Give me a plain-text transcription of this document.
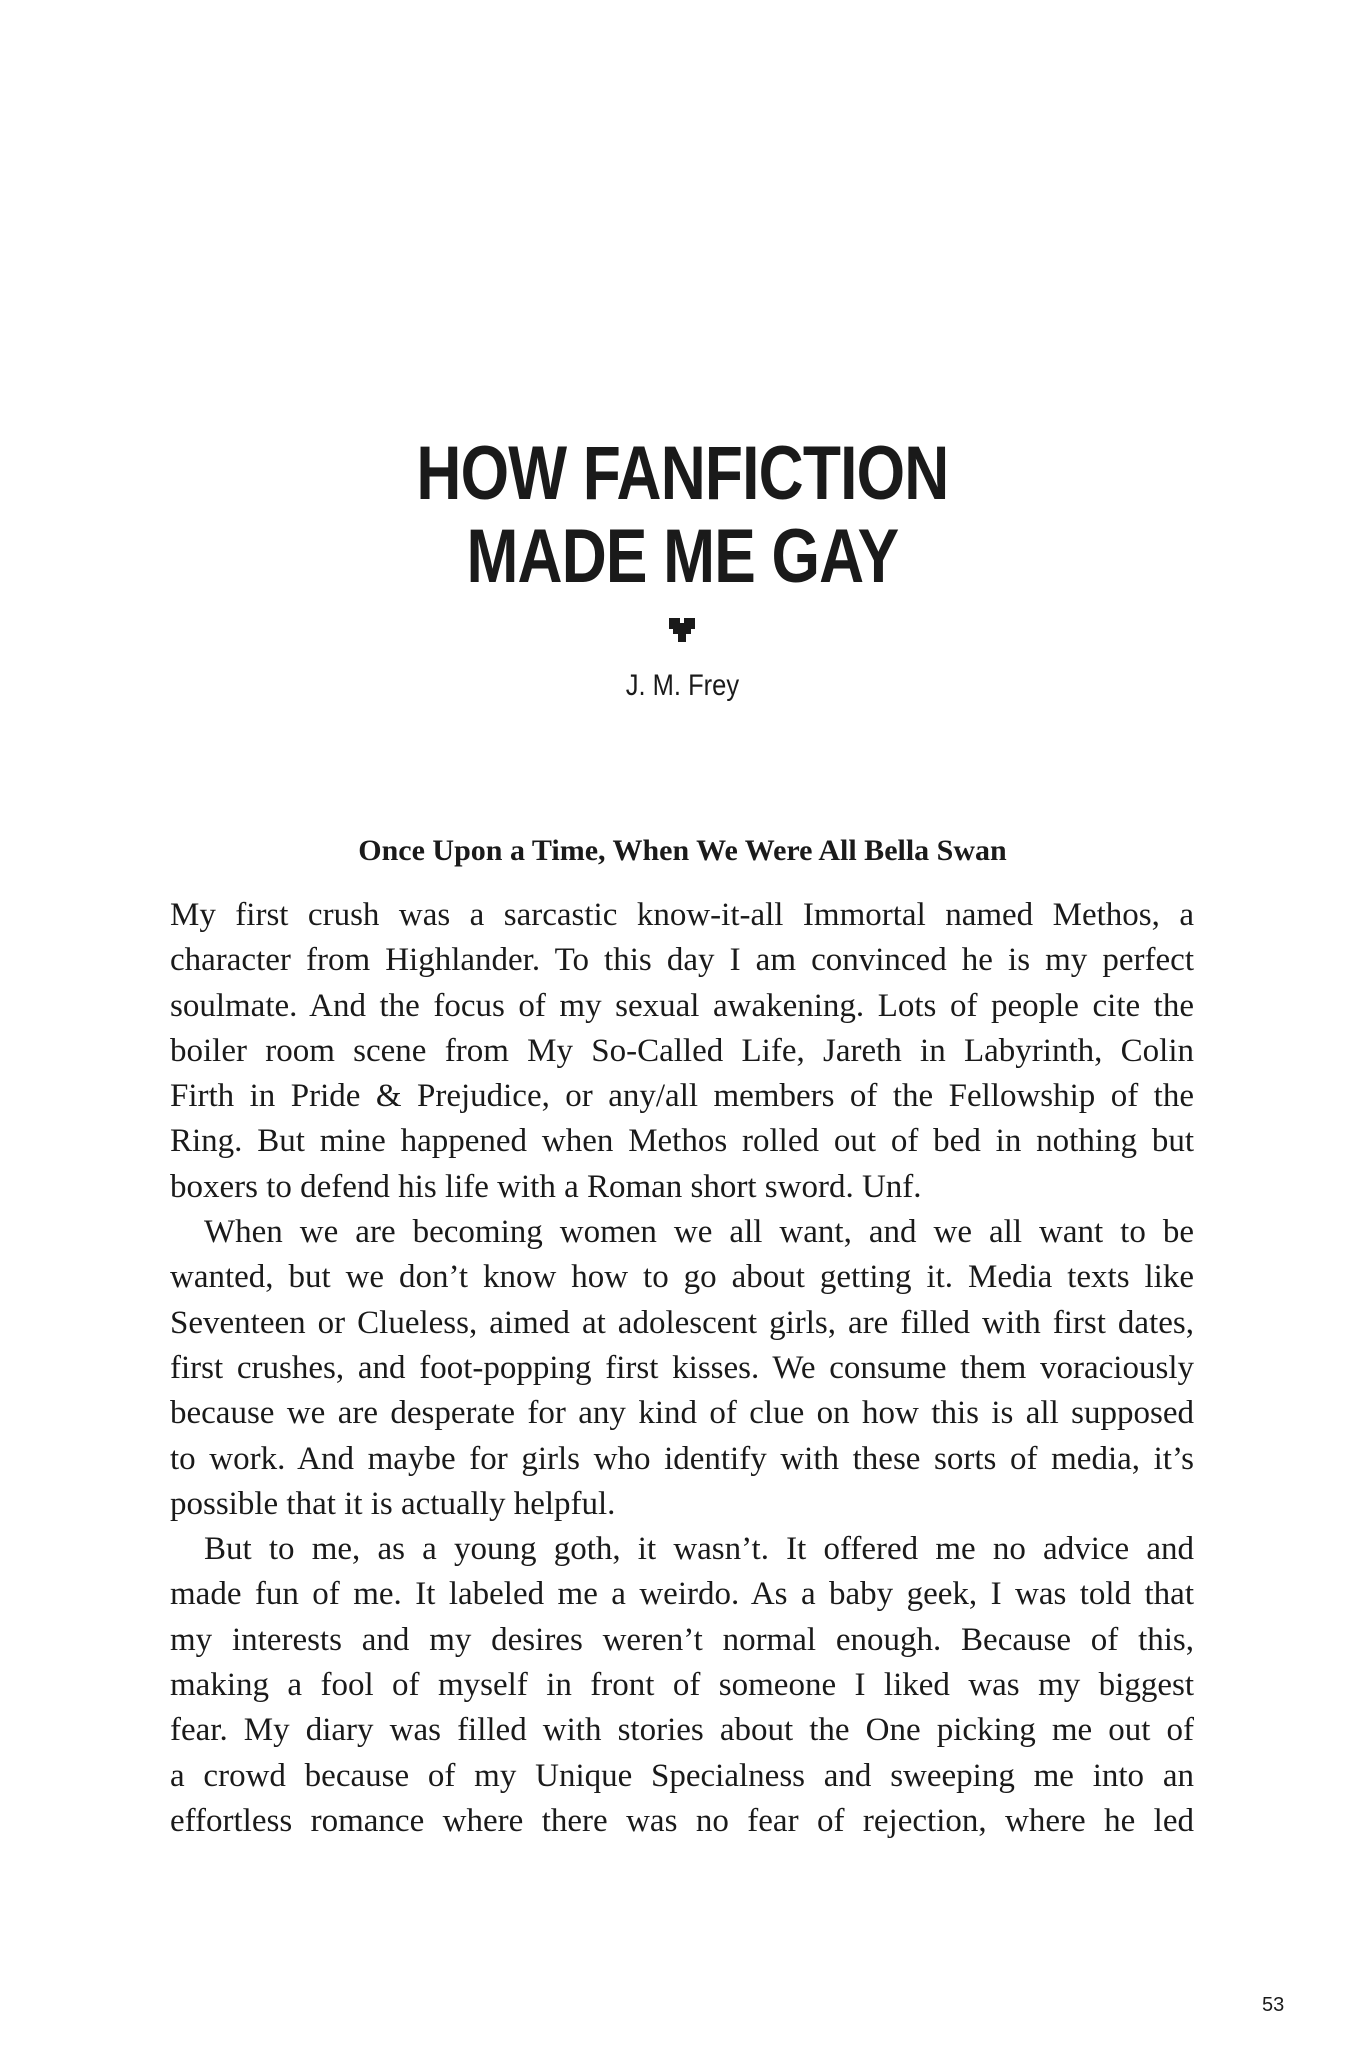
HOW FANFICTION
MADE ME GAY
J. M. Frey
Once Upon a Time, When We Were All Bella Swan
My first crush was a sarcastic know-it-all Immortal named Methos, a
character from Highlander. To this day I am convinced he is my perfect
soulmate. And the focus of my sexual awakening. Lots of people cite the
boiler room scene from My So-Called Life, Jareth in Labyrinth, Colin
Firth in Pride & Prejudice, or any/all members of the Fellowship of the
Ring. But mine happened when Methos rolled out of bed in nothing but
boxers to defend his life with a Roman short sword. Unf.
When we are becoming women we all want, and we all want to be
wanted, but we don’t know how to go about getting it. Media texts like
Seventeen or Clueless, aimed at adolescent girls, are filled with first dates,
first crushes, and foot-popping first kisses. We consume them voraciously
because we are desperate for any kind of clue on how this is all supposed
to work. And maybe for girls who identify with these sorts of media, it’s
possible that it is actually helpful.
But to me, as a young goth, it wasn’t. It offered me no advice and
made fun of me. It labeled me a weirdo. As a baby geek, I was told that
my interests and my desires weren’t normal enough. Because of this,
making a fool of myself in front of someone I liked was my biggest
fear. My diary was filled with stories about the One picking me out of
a crowd because of my Unique Specialness and sweeping me into an
effortless romance where there was no fear of rejection, where he led
53
